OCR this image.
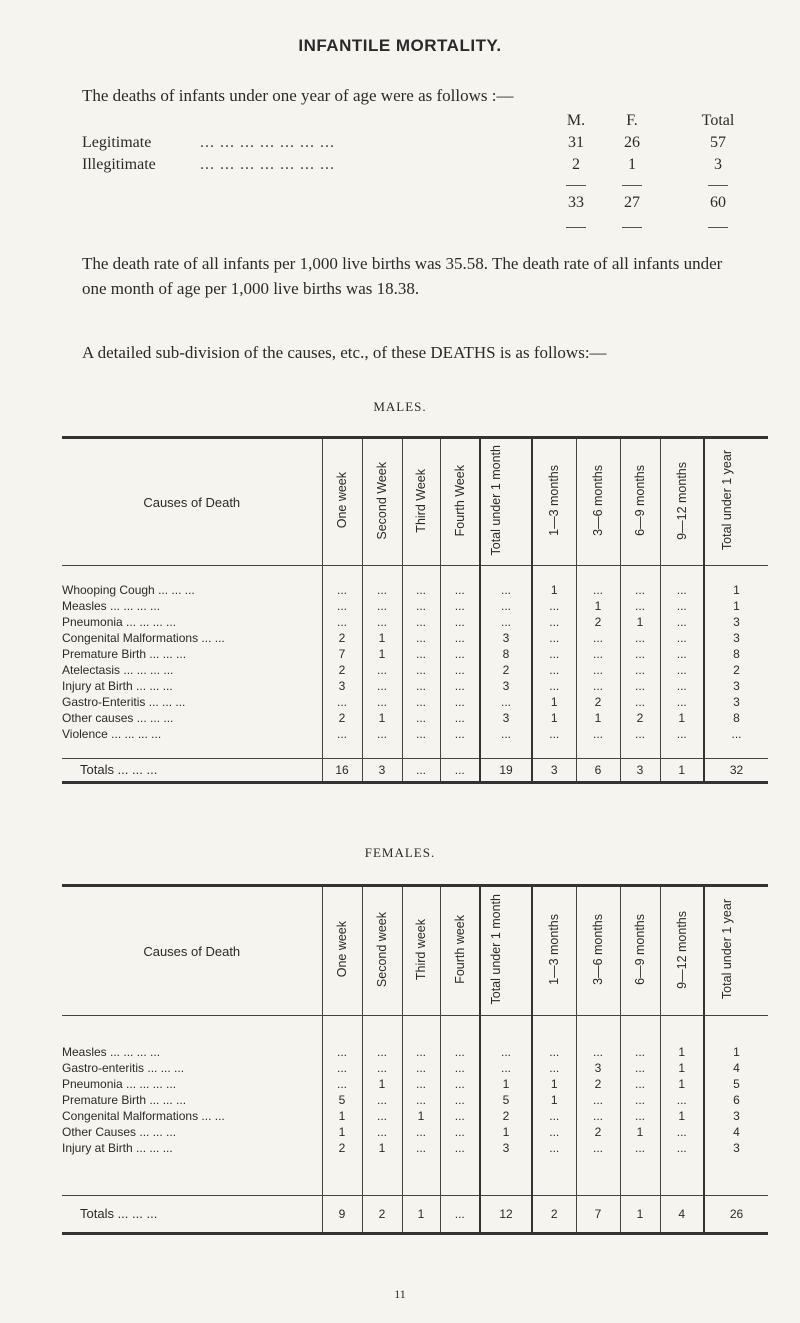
INFANTILE MORTALITY.
The deaths of infants under one year of age were as follows :—
M.	F.	Total
Legitimate	... ... ... ... ... ... ...	31	26	57
Illegitimate	... ... ... ... ... ... ...	2	1	3
33	27	60
The death rate of all infants per 1,000 live births was 35.58. The death rate of all infants under one month of age per 1,000 live births was 18.38.
A detailed sub-division of the causes, etc., of these DEATHS is as follows:—
MALES.
Causes of Death	One week	Second Week	Third Week	Fourth Week	Total under 1 month	1—3 months	3—6 months	6—9 months	9—12 months	Total under 1 year

Whooping Cough ... ... ...	...	...	...	...	...	1	...	...	...	1
Measles ... ... ... ...	...	...	...	...	...	...	1	...	...	1
Pneumonia ... ... ... ...	...	...	...	...	...	...	2	1	...	3
Congenital Malformations ... ...	2	1	...	...	3	...	...	...	...	3
Premature Birth ... ... ...	7	1	...	...	8	...	...	...	...	8
Atelectasis ... ... ... ...	2	...	...	...	2	...	...	...	...	2
Injury at Birth ... ... ...	3	...	...	...	3	...	...	...	...	3
Gastro-Enteritis ... ... ...	...	...	...	...	...	1	2	...	...	3
Other causes ... ... ...	2	1	...	...	3	1	1	2	1	8
Violence ... ... ... ...	...	...	...	...	...	...	...	...	...	...

Totals ... ... ...	16	3	...	...	19	3	6	3	1	32
FEMALES.
Causes of Death	One week	Second week	Third week	Fourth week	Total under 1 month	1—3 months	3—6 months	6—9 months	9—12 months	Total under 1 year

Measles ... ... ... ...	...	...	...	...	...	...	...	...	1	1
Gastro-enteritis ... ... ...	...	...	...	...	...	...	3	...	1	4
Pneumonia ... ... ... ...	...	1	...	...	1	1	2	...	1	5
Premature Birth ... ... ...	5	...	...	...	5	1	...	...	...	6
Congenital Malformations ... ...	1	...	1	...	2	...	...	...	1	3
Other Causes ... ... ...	1	...	...	...	1	...	2	1	...	4
Injury at Birth ... ... ...	2	1	...	...	3	...	...	...	...	3

Totals ... ... ...	9	2	1	...	12	2	7	1	4	26
11
